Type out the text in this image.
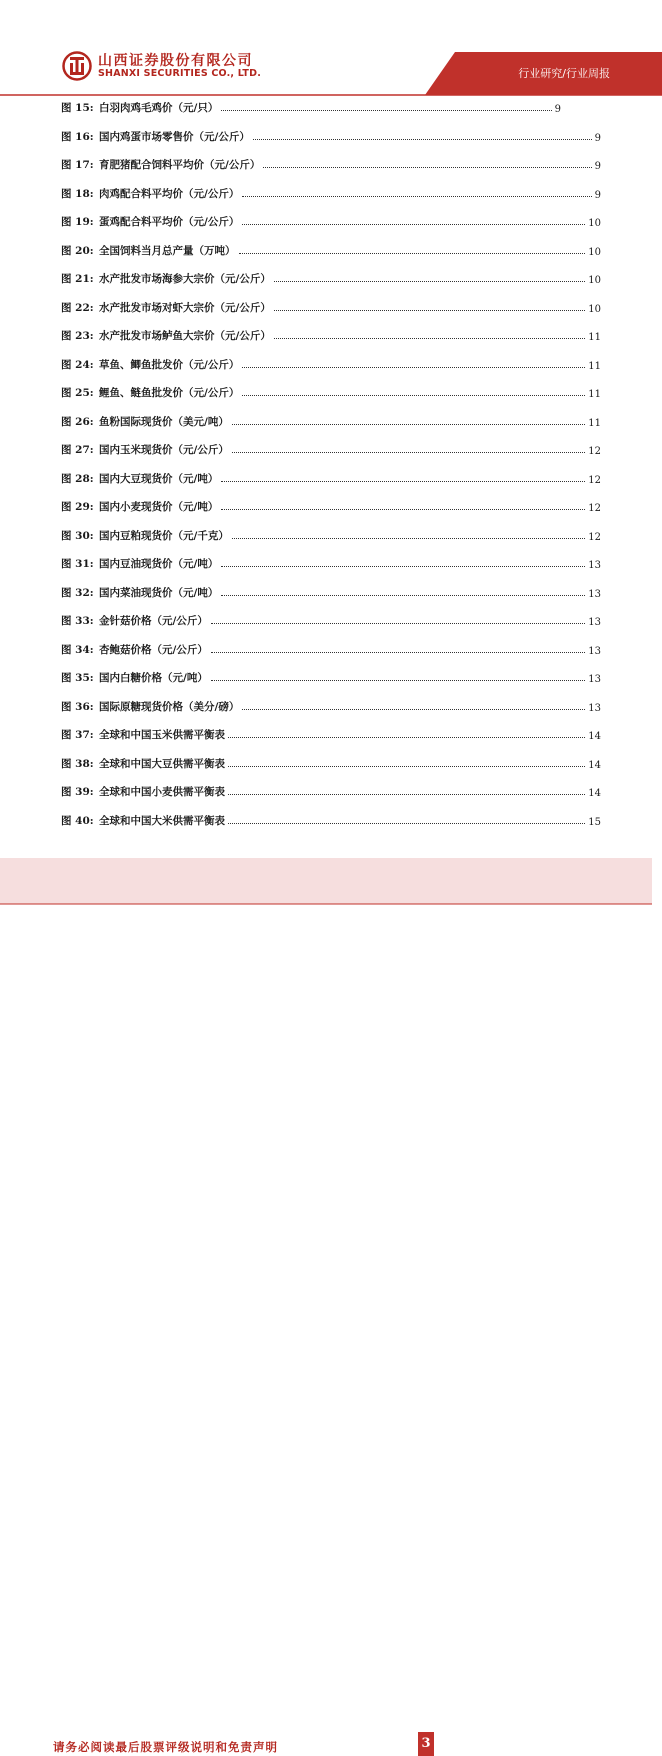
山西证券股份有限公司
SHANXI SECURITIES CO., LTD.	行业研究/行业周报
图 15: 白羽肉鸡毛鸡价（元/只）	9
图 16: 国内鸡蛋市场零售价（元/公斤）	9
图 17: 育肥猪配合饲料平均价（元/公斤）	9
图 18: 肉鸡配合料平均价（元/公斤）	9
图 19: 蛋鸡配合料平均价（元/公斤）	10
图 20: 全国饲料当月总产量（万吨）	10
图 21: 水产批发市场海参大宗价（元/公斤）	10
图 22: 水产批发市场对虾大宗价（元/公斤）	10
图 23: 水产批发市场鲈鱼大宗价（元/公斤）	11
图 24: 草鱼、鲫鱼批发价（元/公斤）	11
图 25: 鲤鱼、鲢鱼批发价（元/公斤）	11
图 26: 鱼粉国际现货价（美元/吨）	11
图 27: 国内玉米现货价（元/公斤）	12
图 28: 国内大豆现货价（元/吨）	12
图 29: 国内小麦现货价（元/吨）	12
图 30: 国内豆粕现货价（元/千克）	12
图 31: 国内豆油现货价（元/吨）	13
图 32: 国内菜油现货价（元/吨）	13
图 33: 金针菇价格（元/公斤）	13
图 34: 杏鲍菇价格（元/公斤）	13
图 35: 国内白糖价格（元/吨）	13
图 36: 国际原糖现货价格（美分/磅）	13
图 37: 全球和中国玉米供需平衡表	14
图 38: 全球和中国大豆供需平衡表	14
图 39: 全球和中国小麦供需平衡表	14
图 40: 全球和中国大米供需平衡表	15
请务必阅读最后股票评级说明和免责声明	3
